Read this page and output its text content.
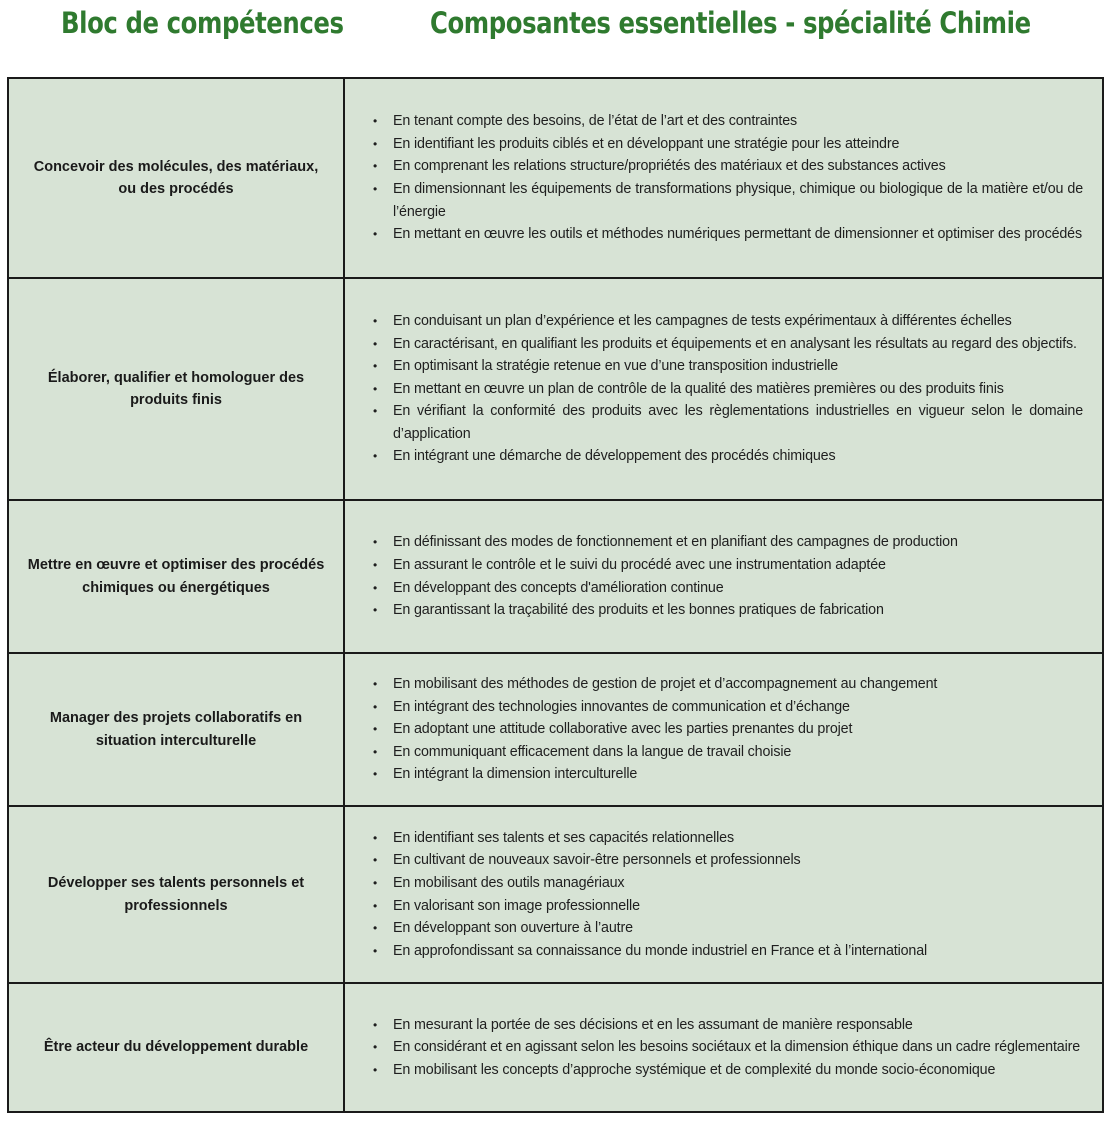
Bloc de compétences	Composantes essentielles - spécialité Chimie
Concevoir des molécules, des matériaux, ou des procédés
• En tenant compte des besoins, de l’état de l’art et des contraintes
• En identifiant les produits ciblés et en développant une stratégie pour les atteindre
• En comprenant les relations structure/propriétés des matériaux et des substances actives
• En dimensionnant les équipements de transformations physique, chimique ou biologique de la matière et/ou de l’énergie
• En mettant en œuvre les outils et méthodes numériques permettant de dimensionner et optimiser des procédés
Élaborer, qualifier et homologuer des produits finis
• En conduisant un plan d’expérience et les campagnes de tests expérimentaux à différentes échelles
• En caractérisant, en qualifiant les produits et équipements et en analysant les résultats au regard des objectifs.
• En optimisant la stratégie retenue en vue d’une transposition industrielle
• En mettant en œuvre un plan de contrôle de la qualité des matières premières ou des produits finis
• En vérifiant la conformité des produits avec les règlementations industrielles en vigueur selon le domaine d’application
• En intégrant une démarche de développement des procédés chimiques
Mettre en œuvre et optimiser des procédés chimiques ou énergétiques
• En définissant des modes de fonctionnement et en planifiant des campagnes de production
• En assurant le contrôle et le suivi du procédé avec une instrumentation adaptée
• En développant des concepts d'amélioration continue
• En garantissant la traçabilité des produits et les bonnes pratiques de fabrication
Manager des projets collaboratifs en situation interculturelle
• En mobilisant des méthodes de gestion de projet et d’accompagnement au changement
• En intégrant des technologies innovantes de communication et d’échange
• En adoptant une attitude collaborative avec les parties prenantes du projet
• En communiquant efficacement dans la langue de travail choisie
• En intégrant la dimension interculturelle
Développer ses talents personnels et professionnels
• En identifiant ses talents et ses capacités relationnelles
• En cultivant de nouveaux savoir-être personnels et professionnels
• En mobilisant des outils managériaux
• En valorisant son image professionnelle
• En développant son ouverture à l’autre
• En approfondissant sa connaissance du monde industriel en France et à l’international
Être acteur du développement durable
• En mesurant la portée de ses décisions et en les assumant de manière responsable
• En considérant et en agissant selon les besoins sociétaux et la dimension éthique dans un cadre réglementaire
• En mobilisant les concepts d’approche systémique et de complexité du monde socio-économique
